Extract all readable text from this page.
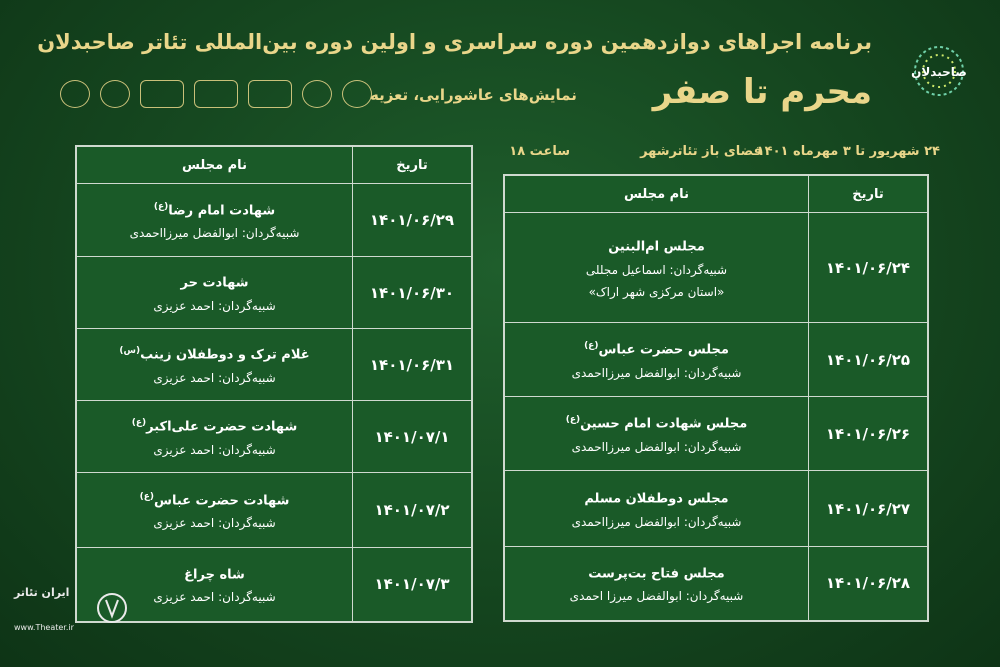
برنامه اجراهای دوازدهمین دوره سراسری و اولین دوره بین‌المللی تئاتر صاحبدلان
محرم تا صفر
نمایش‌های عاشورایی، تعزیه
صاحبدلان
۲۴ شهریور تا ۳ مهرماه ۱۴۰۱
فضای باز تئاترشهر
ساعت ۱۸
تاریخ	نام مجلس
۱۴۰۱/۰۶/۲۹	شهادت امام رضا$^{(ع)}$
شبیه‌گردان: ابوالفضل میرزااحمدی

۱۴۰۱/۰۶/۳۰	شهادت حر
شبیه‌گردان: احمد عزیزی

۱۴۰۱/۰۶/۳۱	غلام ترک و دوطفلان زینب$^{(س)}$
شبیه‌گردان: احمد عزیزی

۱۴۰۱/۰۷/۱	شهادت حضرت علی‌اکبر$^{(ع)}$
شبیه‌گردان: احمد عزیزی

۱۴۰۱/۰۷/۲	شهادت حضرت عباس$^{(ع)}$
شبیه‌گردان: احمد عزیزی

۱۴۰۱/۰۷/۳	شاه چراغ
شبیه‌گردان: احمد عزیزی
تاریخ	نام مجلس
۱۴۰۱/۰۶/۲۴	مجلس ام‌البنین
شبیه‌گردان: اسماعیل مجللی
«استان مرکزی شهر اراک»

۱۴۰۱/۰۶/۲۵	مجلس حضرت عباس$^{(ع)}$
شبیه‌گردان: ابوالفضل میرزااحمدی

۱۴۰۱/۰۶/۲۶	مجلس شهادت امام حسین$^{(ع)}$
شبیه‌گردان: ابوالفضل میرزااحمدی

۱۴۰۱/۰۶/۲۷	مجلس دوطفلان مسلم
شبیه‌گردان: ابوالفضل میرزااحمدی

۱۴۰۱/۰۶/۲۸	مجلس فتاح بت‌پرست
شبیه‌گردان: ابوالفضل میرزا احمدی
ایران تئاتر
www.Theater.ir
